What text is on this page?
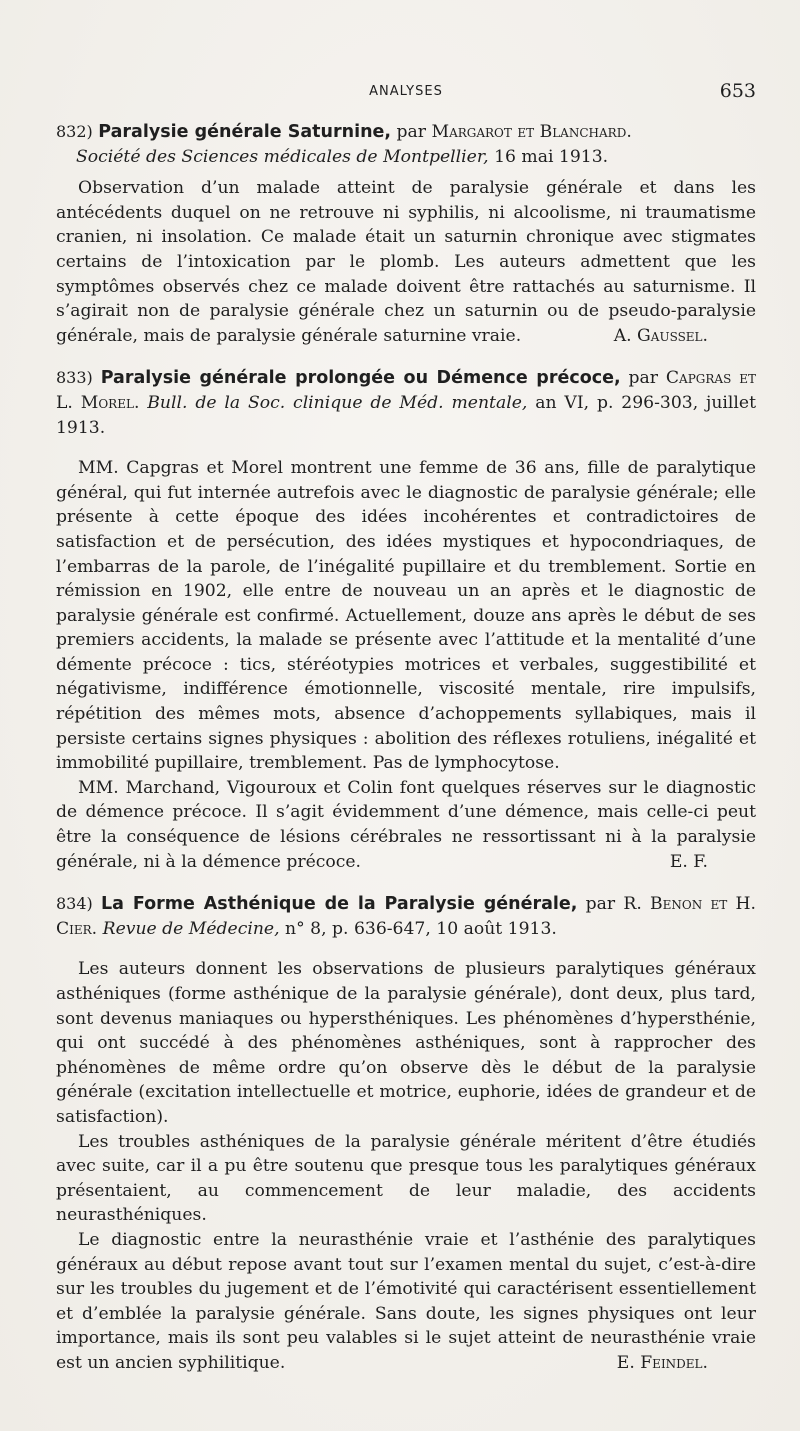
ANALYSES	653

832) Paralysie générale Saturnine, par Margarot et Blanchard.
Société des Sciences médicales de Montpellier, 16 mai 1913.

Observation d’un malade atteint de paralysie générale et dans les antécédents duquel on ne retrouve ni syphilis, ni alcoolisme, ni traumatisme cranien, ni insolation. Ce malade était un saturnin chronique avec stigmates certains de l’intoxication par le plomb. Les auteurs admettent que les symptômes observés chez ce malade doivent être rattachés au saturnisme. Il s’agirait non de paralysie générale chez un saturnin ou de pseudo-paralysie générale, mais de paralysie générale saturnine vraie.	A. Gaussel.

833) Paralysie générale prolongée ou Démence précoce, par Capgras et L. Morel. Bull. de la Soc. clinique de Méd. mentale, an VI, p. 296-303, juillet 1913.

MM. Capgras et Morel montrent une femme de 36 ans, fille de paralytique général, qui fut internée autrefois avec le diagnostic de paralysie générale; elle présente à cette époque des idées incohérentes et contradictoires de satisfaction et de persécution, des idées mystiques et hypocondriaques, de l’embarras de la parole, de l’inégalité pupillaire et du tremblement. Sortie en rémission en 1902, elle entre de nouveau un an après et le diagnostic de paralysie générale est confirmé. Actuellement, douze ans après le début de ses premiers accidents, la malade se présente avec l’attitude et la mentalité d’une démente précoce : tics, stéréotypies motrices et verbales, suggestibilité et négativisme, indifférence émotionnelle, viscosité mentale, rire impulsifs, répétition des mêmes mots, absence d’achoppements syllabiques, mais il persiste certains signes physiques : abolition des réflexes rotuliens, inégalité et immobilité pupillaire, tremblement. Pas de lymphocytose.

MM. Marchand, Vigouroux et Colin font quelques réserves sur le diagnostic de démence précoce. Il s’agit évidemment d’une démence, mais celle-ci peut être la conséquence de lésions cérébrales ne ressortissant ni à la paralysie générale, ni à la démence précoce.	E. F.

834) La Forme Asthénique de la Paralysie générale, par R. Benon et H. Cier. Revue de Médecine, n° 8, p. 636-647, 10 août 1913.

Les auteurs donnent les observations de plusieurs paralytiques généraux asthéniques (forme asthénique de la paralysie générale), dont deux, plus tard, sont devenus maniaques ou hypersthéniques. Les phénomènes d’hypersthénie, qui ont succédé à des phénomènes asthéniques, sont à rapprocher des phénomènes de même ordre qu’on observe dès le début de la paralysie générale (excitation intellectuelle et motrice, euphorie, idées de grandeur et de satisfaction).

Les troubles asthéniques de la paralysie générale méritent d’être étudiés avec suite, car il a pu être soutenu que presque tous les paralytiques généraux présentaient, au commencement de leur maladie, des accidents neurasthéniques.

Le diagnostic entre la neurasthénie vraie et l’asthénie des paralytiques généraux au début repose avant tout sur l’examen mental du sujet, c’est-à-dire sur les troubles du jugement et de l’émotivité qui caractérisent essentiellement et d’emblée la paralysie générale. Sans doute, les signes physiques ont leur importance, mais ils sont peu valables si le sujet atteint de neurasthénie vraie est un ancien syphilitique.	E. Feindel.
